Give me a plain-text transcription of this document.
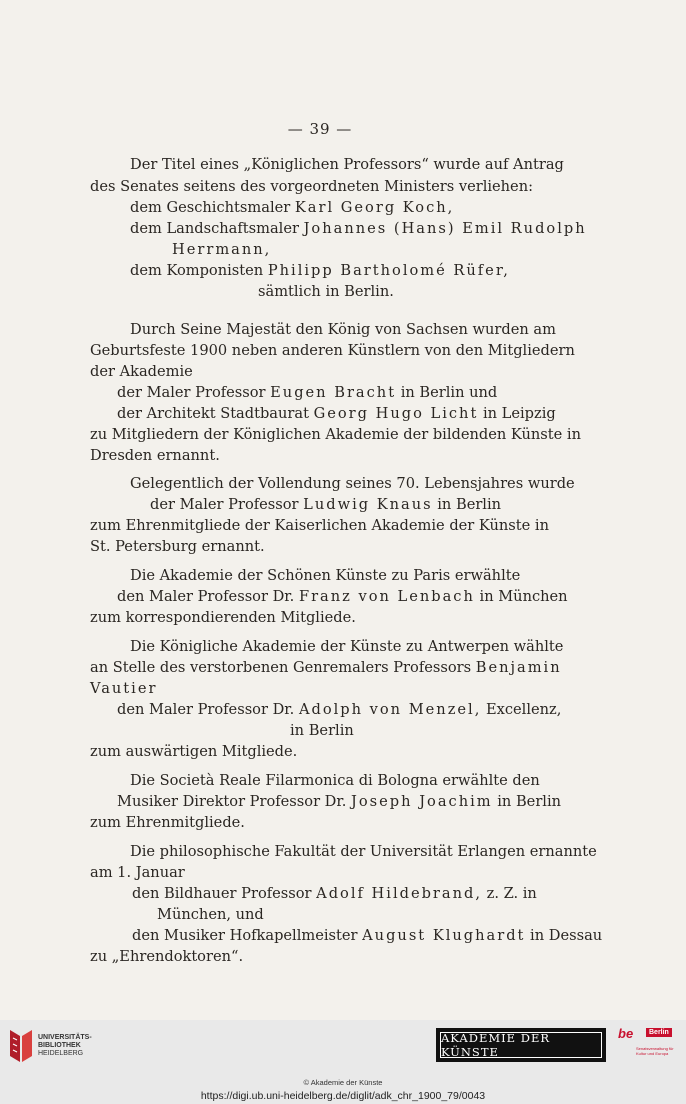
— 39 —
Der Titel eines „Königlichen Professors“ wurde auf Antrag
des Senates seitens des vorgeordneten Ministers verliehen:
dem Geschichtsmaler Karl Georg Koch,
dem Landschaftsmaler Johannes (Hans) Emil Rudolph
Herrmann,
dem Komponisten Philipp Bartholomé Rüfer,
sämtlich in Berlin.
Durch Seine Majestät den König von Sachsen wurden am
Geburtsfeste 1900 neben anderen Künstlern von den Mitgliedern
der Akademie
der Maler Professor Eugen Bracht in Berlin und
der Architekt Stadtbaurat Georg Hugo Licht in Leipzig
zu Mitgliedern der Königlichen Akademie der bildenden Künste in
Dresden ernannt.
Gelegentlich der Vollendung seines 70. Lebensjahres wurde
der Maler Professor Ludwig Knaus in Berlin
zum Ehrenmitgliede der Kaiserlichen Akademie der Künste in
St. Petersburg ernannt.
Die Akademie der Schönen Künste zu Paris erwählte
den Maler Professor Dr. Franz von Lenbach in München
zum korrespondierenden Mitgliede.
Die Königliche Akademie der Künste zu Antwerpen wählte
an Stelle des verstorbenen Genremalers Professors Benjamin
Vautier
den Maler Professor Dr. Adolph von Menzel, Excellenz,
in Berlin
zum auswärtigen Mitgliede.
Die Società Reale Filarmonica di Bologna erwählte den
Musiker Direktor Professor Dr. Joseph Joachim in Berlin
zum Ehrenmitgliede.
Die philosophische Fakultät der Universität Erlangen ernannte
am 1. Januar
den Bildhauer Professor Adolf Hildebrand, z. Z. in
München, und
den Musiker Hofkapellmeister August Klughardt in Dessau
zu „Ehrendoktoren“.
UNIVERSITÄTS-
BIBLIOTHEK
HEIDELBERG
AKADEMIE DER KÜNSTE
be	Berlin
Senatsverwaltung für Kultur und Europa
© Akademie der Künste
https://digi.ub.uni-heidelberg.de/diglit/adk_chr_1900_79/0043
